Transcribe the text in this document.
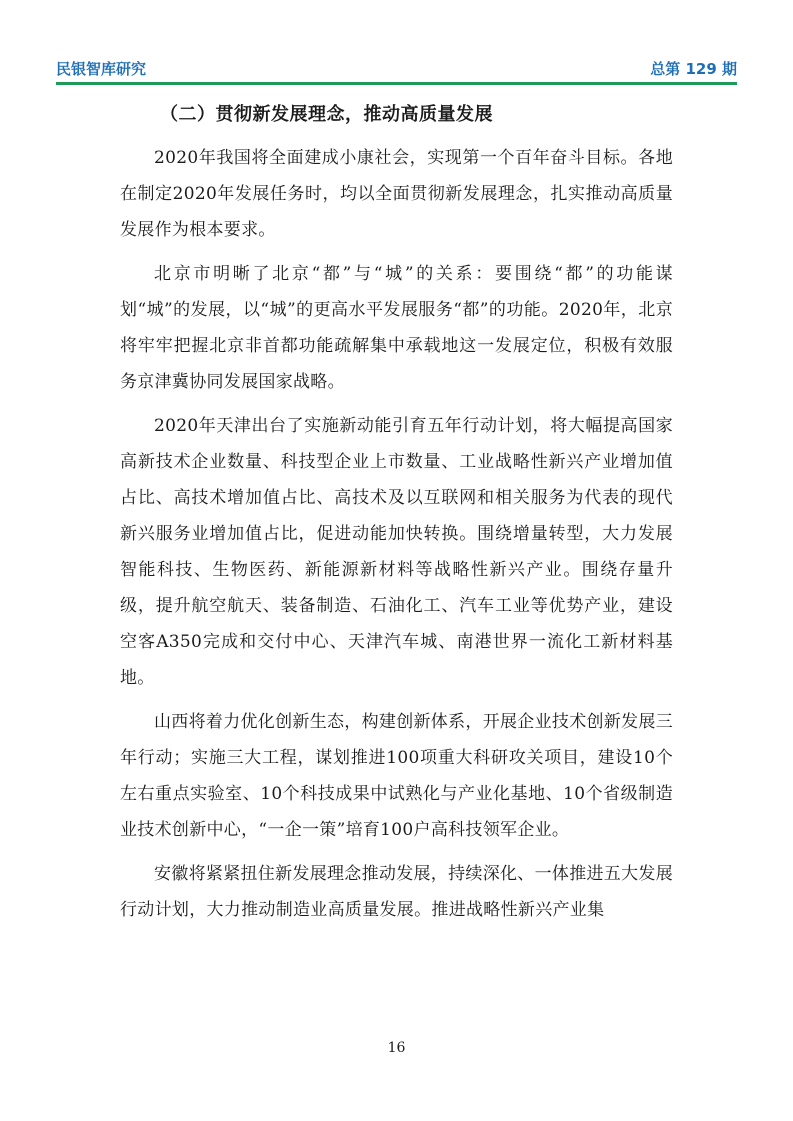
民银智库研究	总第 129 期
（二）贯彻新发展理念，推动高质量发展

2020年我国将全面建成小康社会，实现第一个百年奋斗目标。各地在制定2020年发展任务时，均以全面贯彻新发展理念，扎实推动高质量发展作为根本要求。

北京市明晰了北京“都”与“城”的关系：要围绕“都”的功能谋划“城”的发展，以“城”的更高水平发展服务“都”的功能。2020年，北京将牢牢把握北京非首都功能疏解集中承载地这一发展定位，积极有效服务京津冀协同发展国家战略。

2020年天津出台了实施新动能引育五年行动计划，将大幅提高国家高新技术企业数量、科技型企业上市数量、工业战略性新兴产业增加值占比、高技术增加值占比、高技术及以互联网和相关服务为代表的现代新兴服务业增加值占比，促进动能加快转换。围绕增量转型，大力发展智能科技、生物医药、新能源新材料等战略性新兴产业。围绕存量升级，提升航空航天、装备制造、石油化工、汽车工业等优势产业，建设空客A350完成和交付中心、天津汽车城、南港世界一流化工新材料基地。

山西将着力优化创新生态，构建创新体系，开展企业技术创新发展三年行动；实施三大工程，谋划推进100项重大科研攻关项目，建设10个左右重点实验室、10个科技成果中试熟化与产业化基地、10个省级制造业技术创新中心，“一企一策”培育100户高科技领军企业。

安徽将紧紧扭住新发展理念推动发展，持续深化、一体推进五大发展行动计划，大力推动制造业高质量发展。推进战略性新兴产业集

16
